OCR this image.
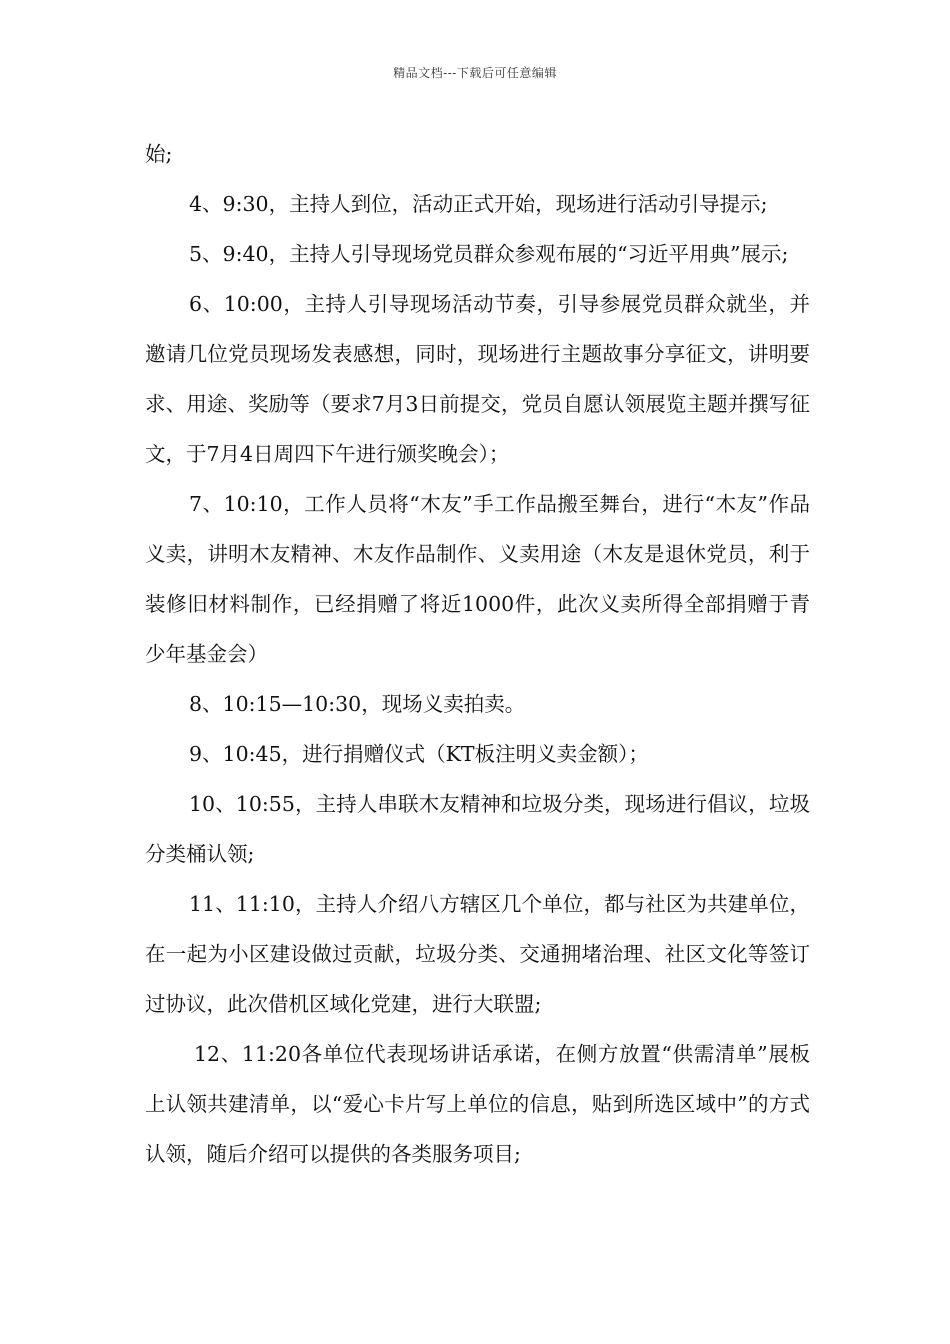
精品文档---下载后可任意编辑

始;

4、9:30，主持人到位，活动正式开始，现场进行活动引导提示;

5、9:40，主持人引导现场党员群众参观布展的“习近平用典”展示;

6、10:00，主持人引导现场活动节奏，引导参展党员群众就坐，并邀请几位党员现场发表感想，同时，现场进行主题故事分享征文，讲明要求、用途、奖励等（要求7月3日前提交，党员自愿认领展览主题并撰写征文，于7月4日周四下午进行颁奖晚会）；

7、10:10，工作人员将“木友”手工作品搬至舞台，进行“木友”作品义卖，讲明木友精神、木友作品制作、义卖用途（木友是退休党员，利于装修旧材料制作，已经捐赠了将近1000件，此次义卖所得全部捐赠于青少年基金会）

8、10:15—10:30，现场义卖拍卖。

9、10:45，进行捐赠仪式（KT板注明义卖金额）；

10、10:55，主持人串联木友精神和垃圾分类，现场进行倡议，垃圾分类桶认领;

11、11:10，主持人介绍八方辖区几个单位，都与社区为共建单位，在一起为小区建设做过贡献，垃圾分类、交通拥堵治理、社区文化等签订过协议，此次借机区域化党建，进行大联盟;

12、11:20各单位代表现场讲话承诺，在侧方放置“供需清单”展板上认领共建清单，以“爱心卡片写上单位的信息，贴到所选区域中”的方式认领，随后介绍可以提供的各类服务项目;
